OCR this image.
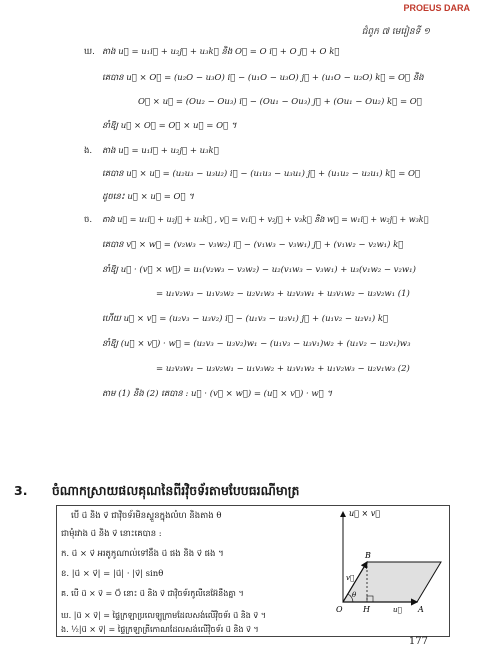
PROEUS DARA
ជំពូក ៧ មេរៀនទី ១
ឃ. តាង u⃗ = u₁i⃗ + u₂j⃗ + u₃k⃗ និង O⃗ = O i⃗ + O j⃗ + O k⃗
គេបាន u⃗ × O⃗ = (u₂O − u₃O) i⃗ − (u₁O − u₃O) j⃗ + (u₁O − u₂O) k⃗ = O⃗ និង
O⃗ × u⃗ = (Ou₂ − Ou₃) i⃗ − (Ou₁ − Ou₃) j⃗ + (Ou₁ − Ou₂) k⃗ = O⃗
នាំឱ្យ u⃗ × O⃗ = O⃗ × u⃗ = O⃗ ។
ង. តាង u⃗ = u₁i⃗ + u₂j⃗ + u₃k⃗
គេបាន u⃗ × u⃗ = (u₂u₃ − u₃u₂) i⃗ − (u₁u₃ − u₃u₁) j⃗ + (u₁u₂ − u₂u₁) k⃗ = O⃗
ដូចនេះ u⃗ × u⃗ = O⃗ ។
ច. តាង u⃗ = u₁i⃗ + u₂j⃗ + u₃k⃗ , v⃗ = v₁i⃗ + v₂j⃗ + v₃k⃗ និង w⃗ = w₁i⃗ + w₂j⃗ + w₃k⃗
គេបាន v⃗ × w⃗ = (v₂w₃ − v₃w₂) i⃗ − (v₁w₃ − v₃w₁) j⃗ + (v₁w₂ − v₂w₁) k⃗
នាំឱ្យ u⃗ · (v⃗ × w⃗) = u₁(v₂w₃ − v₃w₂) − u₂(v₁w₃ − v₃w₁) + u₃(v₁w₂ − v₂w₁)
= u₁v₂w₃ − u₁v₃w₂ − u₂v₁w₃ + u₂v₃w₁ + u₃v₁w₂ − u₃v₂w₁ (1)
ហើយ u⃗ × v⃗ = (u₂v₃ − u₃v₂) i⃗ − (u₁v₃ − u₃v₁) j⃗ + (u₁v₂ − u₂v₁) k⃗
នាំឱ្យ (u⃗ × v⃗) · w⃗ = (u₂v₃ − u₃v₂)w₁ − (u₁v₃ − u₃v₁)w₂ + (u₁v₂ − u₂v₁)w₃
= u₂v₃w₁ − u₃v₂w₁ − u₁v₃w₂ + u₃v₁w₂ + u₁v₂w₃ − u₂v₁w₃ (2)
តាម (1) និង (2) គេបាន : u⃗ · (v⃗ × w⃗) = (u⃗ × v⃗) · w⃗ ។
3. ចំណាកស្រាយផលគុណនៃពីរវ៉ិចទ័រតាមបែបធរណីមាត្រ
បើ u⃗ និង v⃗ ជាវ៉ិចទ័រមិនស្ទួនក្នុងលំហ និងតាង θ
ជាមុំរវាង u⃗ និង v⃗ នោះគេបាន :
ក. u⃗ × v⃗ អរតូកូណាល់ទៅនឹង u⃗ ផង និង v⃗ ផង ។
ខ. |u⃗ × v⃗| = |u⃗| · |v⃗| sinθ
គ. បើ u⃗ × v⃗ = O⃗ នោះ u⃗ និង v⃗ ជាវ៉ិចទ័រកូលីនេអ៊ែនឹងគ្នា ។
ឃ. |u⃗ × v⃗| = ផ្ទៃក្រឡាប្រលេឡូក្រាមដែលសង់លើវ៉ិចទ័រ u⃗ និង v⃗ ។
ង. ½|u⃗ × v⃗| = ផ្ទៃក្រឡាត្រីកោណដែលសង់លើវ៉ិចទ័រ u⃗ និង v⃗ ។
u⃗ × v⃗
B
O	H	A
θ
v⃗
u⃗
177
